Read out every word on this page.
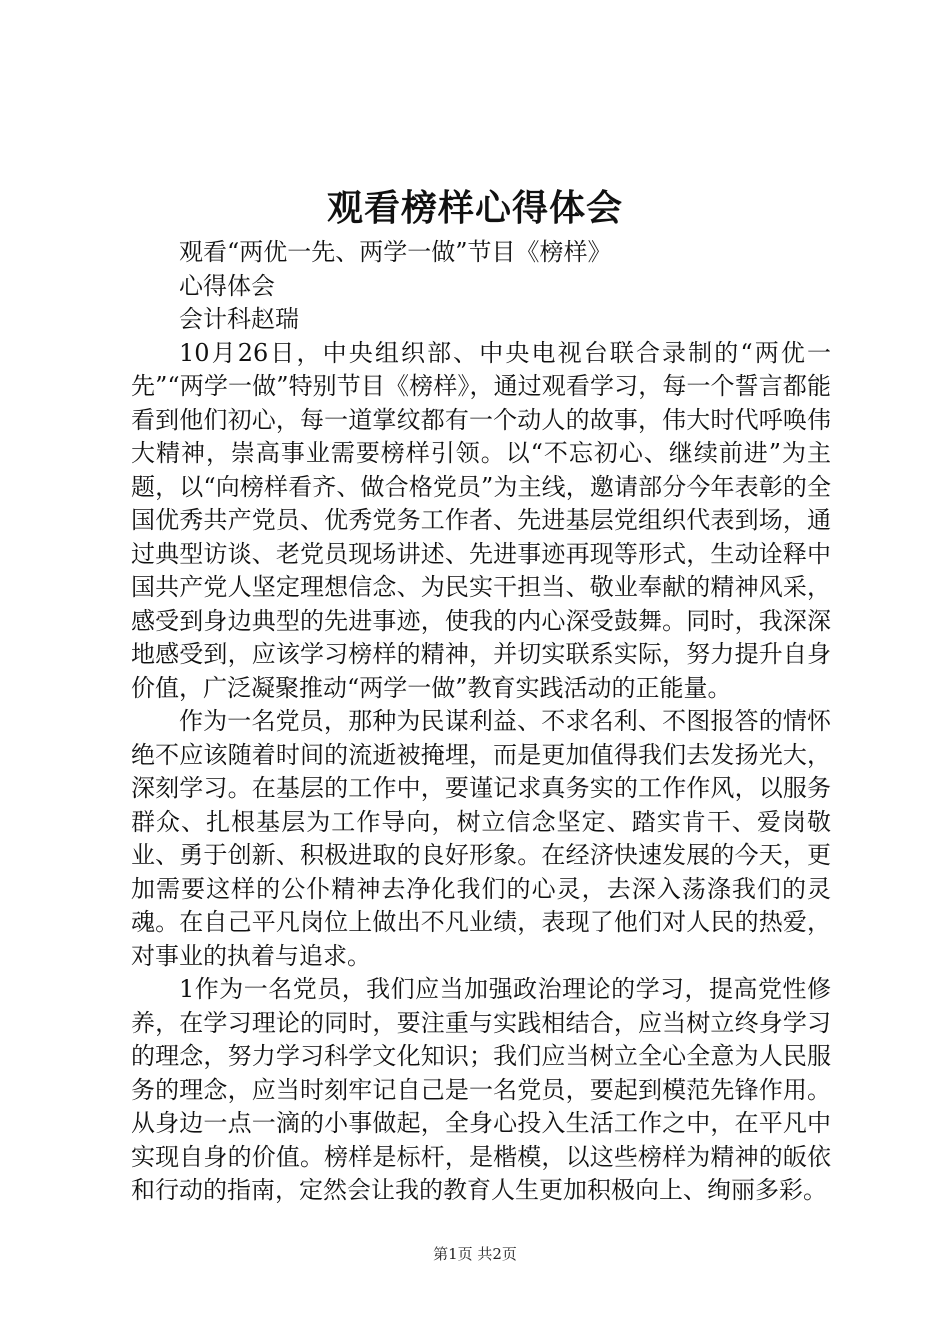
观看榜样心得体会

观看“两优一先、两学一做”节目《榜样》

心得体会

会计科赵瑞

10月26日，中央组织部、中央电视台联合录制的“两优一先”“两学一做”特别节目《榜样》，通过观看学习，每一个誓言都能看到他们初心，每一道掌纹都有一个动人的故事，伟大时代呼唤伟大精神，崇高事业需要榜样引领。以“不忘初心、继续前进”为主题，以“向榜样看齐、做合格党员”为主线，邀请部分今年表彰的全国优秀共产党员、优秀党务工作者、先进基层党组织代表到场，通过典型访谈、老党员现场讲述、先进事迹再现等形式，生动诠释中国共产党人坚定理想信念、为民实干担当、敬业奉献的精神风采，感受到身边典型的先进事迹，使我的内心深受鼓舞。同时，我深深地感受到，应该学习榜样的精神，并切实联系实际，努力提升自身价值，广泛凝聚推动“两学一做”教育实践活动的正能量。

作为一名党员，那种为民谋利益、不求名利、不图报答的情怀绝不应该随着时间的流逝被掩埋，而是更加值得我们去发扬光大，深刻学习。在基层的工作中，要谨记求真务实的工作作风，以服务群众、扎根基层为工作导向，树立信念坚定、踏实肯干、爱岗敬业、勇于创新、积极进取的良好形象。在经济快速发展的今天，更加需要这样的公仆精神去净化我们的心灵，去深入荡涤我们的灵魂。在自己平凡岗位上做出不凡业绩，表现了他们对人民的热爱，对事业的执着与追求。

1作为一名党员，我们应当加强政治理论的学习，提高党性修养，在学习理论的同时，要注重与实践相结合，应当树立终身学习的理念，努力学习科学文化知识；我们应当树立全心全意为人民服务的理念，应当时刻牢记自己是一名党员，要起到模范先锋作用。从身边一点一滴的小事做起，全身心投入生活工作之中，在平凡中实现自身的价值。榜样是标杆，是楷模，以这些榜样为精神的皈依和行动的指南，定然会让我的教育人生更加积极向上、绚丽多彩。

第1页 共2页
